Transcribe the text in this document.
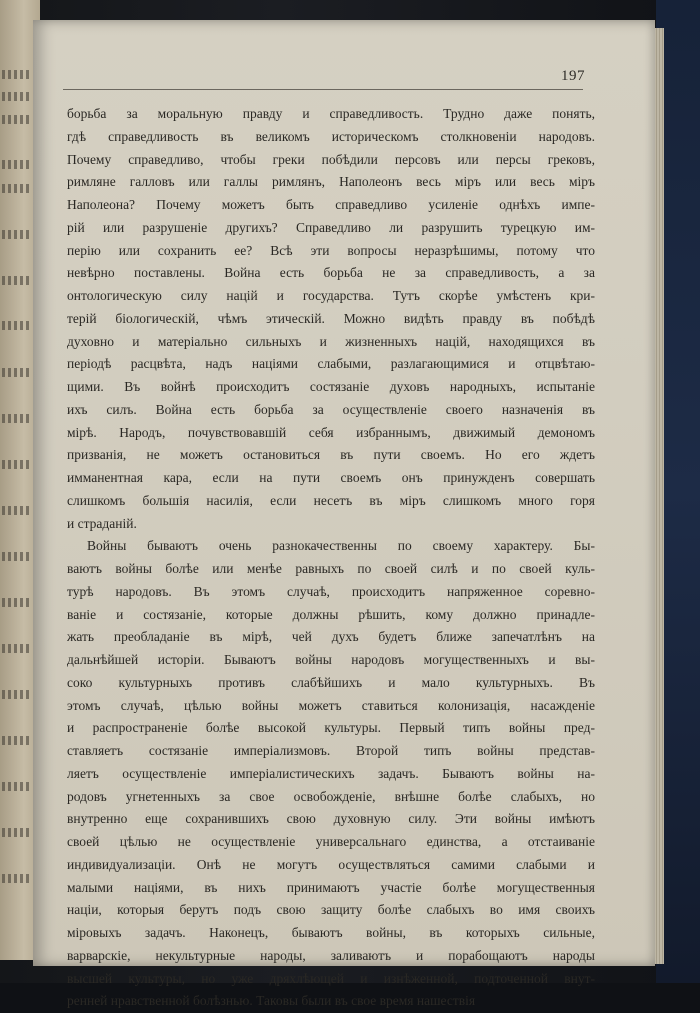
197
борьба за моральную правду и справедливость. Трудно даже понять,
гдѣ справедливость въ великомъ историческомъ столкновеніи народовъ.
Почему справедливо, чтобы греки побѣдили персовъ или персы грековъ,
римляне галловъ или галлы римлянъ, Наполеонъ весь міръ или весь міръ
Наполеона? Почему можетъ быть справедливо усиленіе однѣхъ импе-
рій или разрушеніе другихъ? Справедливо ли разрушить турецкую им-
перію или сохранить ее? Всѣ эти вопросы неразрѣшимы, потому что
невѣрно поставлены. Война есть борьба не за справедливость, а за
онтологическую силу націй и государства. Тутъ скорѣе умѣстенъ кри-
терій біологическій, чѣмъ этическій. Можно видѣть правду въ побѣдѣ
духовно и матеріально сильныхъ и жизненныхъ націй, находящихся въ
періодѣ расцвѣта, надъ націями слабыми, разлагающимися и отцвѣтаю-
щими. Въ войнѣ происходитъ состязаніе духовъ народныхъ, испытаніе
ихъ силъ. Война есть борьба за осуществленіе своего назначенія въ
мірѣ. Народъ, почувствовавшій себя избраннымъ, движимый демономъ
призванія, не можетъ остановиться въ пути своемъ. Но его ждетъ
имманентная кара, если на пути своемъ онъ принужденъ совершать
слишкомъ большія насилія, если несетъ въ міръ слишкомъ много горя
и страданій.
Войны бываютъ очень разнокачественны по своему характеру. Бы-
ваютъ войны болѣе или менѣе равныхъ по своей силѣ и по своей куль-
турѣ народовъ. Въ этомъ случаѣ, происходитъ напряженное соревно-
ваніе и состязаніе, которые должны рѣшить, кому должно принадле-
жать преобладаніе въ мірѣ, чей духъ будетъ ближе запечатлѣнъ на
дальнѣйшей исторіи. Бываютъ войны народовъ могущественныхъ и вы-
соко культурныхъ противъ слабѣйшихъ и мало культурныхъ. Въ
этомъ случаѣ, цѣлью войны можетъ ставиться колонизація, насажденіе
и распространеніе болѣе высокой культуры. Первый типъ войны пред-
ставляетъ состязаніе имперіализмовъ. Второй типъ войны представ-
ляетъ осуществленіе имперіалистическихъ задачъ. Бываютъ войны на-
родовъ угнетенныхъ за свое освобожденіе, внѣшне болѣе слабыхъ, но
внутренно еще сохранившихъ свою духовную силу. Эти войны имѣютъ
своей цѣлью не осуществленіе универсальнаго единства, а отстаиваніе
индивидуализаціи. Онѣ не могутъ осуществляться самими слабыми и
малыми націями, въ нихъ принимаютъ участіе болѣе могущественныя
націи, которыя берутъ подъ свою защиту болѣе слабыхъ во имя своихъ
міровыхъ задачъ. Наконецъ, бываютъ войны, въ которыхъ сильные,
варварскіе, некультурные народы, заливаютъ и порабощаютъ народы
высшей культуры, но уже дряхлѣющей и изнѣженной, подточенной внут-
ренней нравственной болѣзнью. Таковы были въ свое время нашествія
